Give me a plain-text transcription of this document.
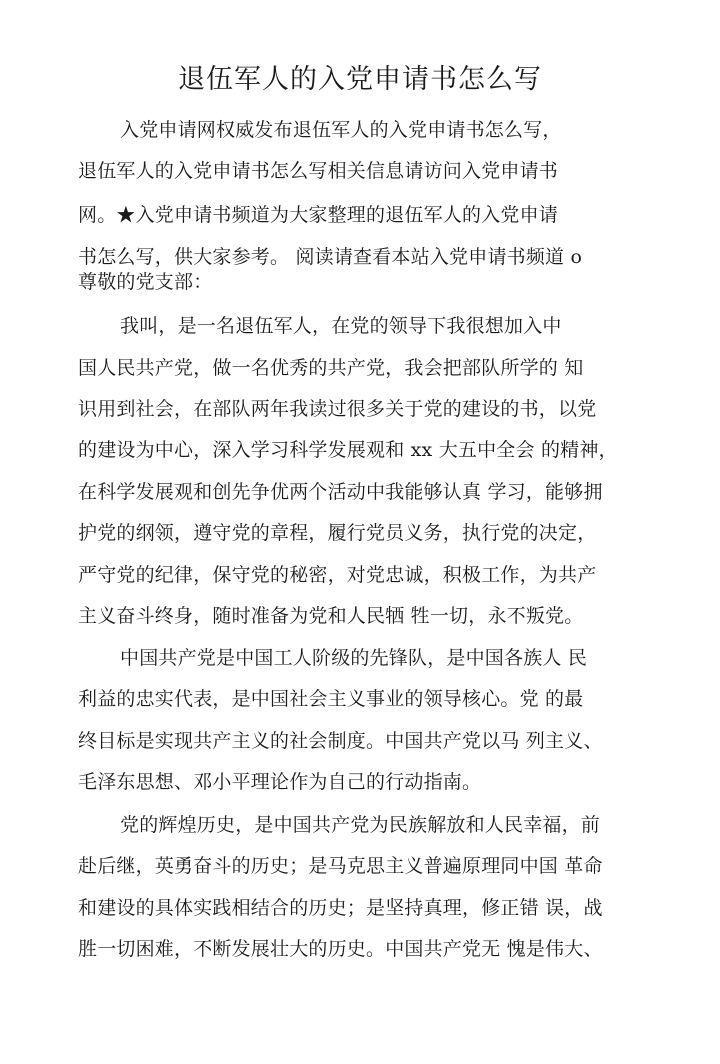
退伍军人的入党申请书怎么写
入党申请网权威发布退伍军人的入党申请书怎么写，
退伍军人的入党申请书怎么写相关信息请访问入党申请书
网。★入党申请书频道为大家整理的退伍军人的入党申请
书怎么写，供大家参考。 阅读请查看本站入党申请书频道 o
尊敬的党支部：
我叫，是一名退伍军人，在党的领导下我很想加入中
国人民共产党，做一名优秀的共产党，我会把部队所学的 知
识用到社会，在部队两年我读过很多关于党的建设的书，以党
的建设为中心，深入学习科学发展观和 xx 大五中全会 的精神，
在科学发展观和创先争优两个活动中我能够认真 学习，能够拥
护党的纲领，遵守党的章程，履行党员义务，执行党的决定，
严守党的纪律，保守党的秘密，对党忠诚，积极工作，为共产
主义奋斗终身，随时准备为党和人民牺 牲一切，永不叛党。
中国共产党是中国工人阶级的先锋队，是中国各族人 民
利益的忠实代表，是中国社会主义事业的领导核心。党 的最
终目标是实现共产主义的社会制度。中国共产党以马 列主义、
毛泽东思想、邓小平理论作为自己的行动指南。
党的辉煌历史，是中国共产党为民族解放和人民幸福，前
赴后继，英勇奋斗的历史；是马克思主义普遍原理同中国 革命
和建设的具体实践相结合的历史；是坚持真理，修正错 误，战
胜一切困难，不断发展壮大的历史。中国共产党无 愧是伟大、
